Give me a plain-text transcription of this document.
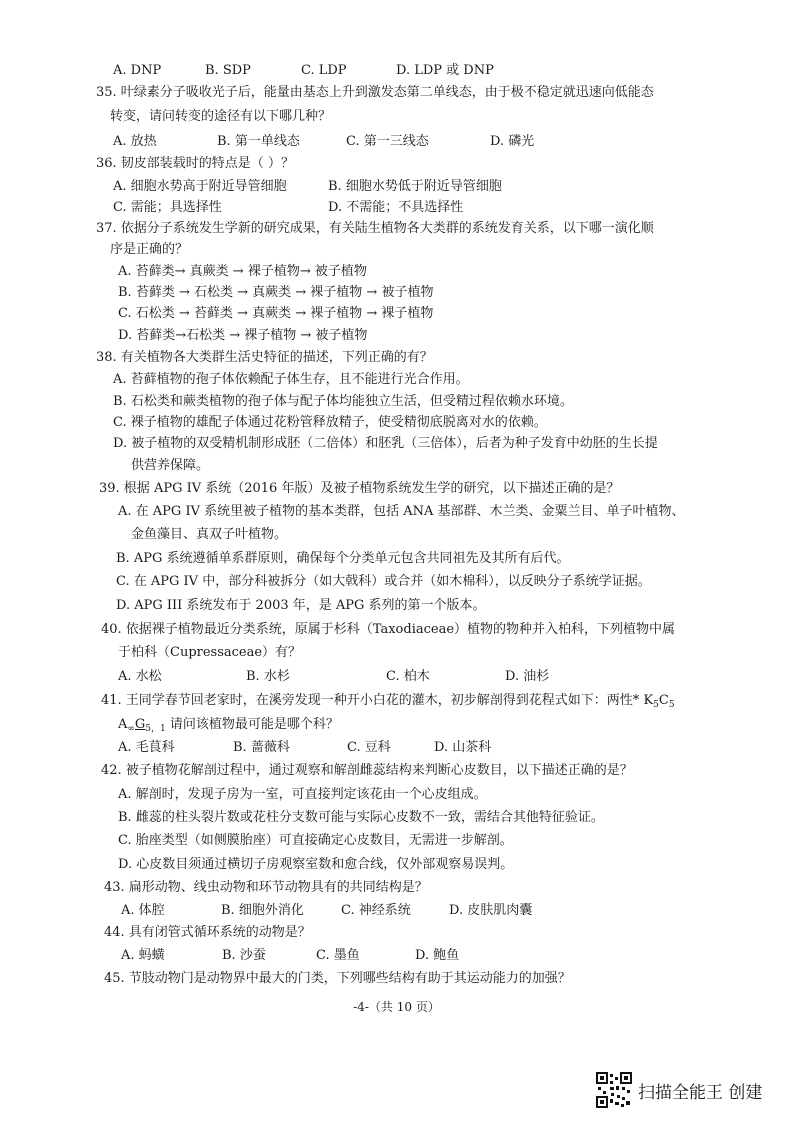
A. DNP	B. SDP	C. LDP	D. LDP 或 DNP
35. 叶绿素分子吸收光子后，能量由基态上升到激发态第二单线态，由于极不稳定就迅速向低能态
转变，请问转变的途径有以下哪几种？
A. 放热	B. 第一单线态	C. 第一三线态	D. 磷光
36. 韧皮部装载时的特点是（ ）？
A. 细胞水势高于附近导管细胞	B. 细胞水势低于附近导管细胞
C. 需能；具选择性	D. 不需能；不具选择性
37. 依据分子系统发生学新的研究成果，有关陆生植物各大类群的系统发育关系，以下哪一演化顺
序是正确的？
A. 苔藓类→ 真蕨类 → 裸子植物→ 被子植物
B. 苔藓类 → 石松类 → 真蕨类 → 裸子植物 → 被子植物
C. 石松类 → 苔藓类 → 真蕨类 → 裸子植物 → 裸子植物
D. 苔藓类→石松类 → 裸子植物 → 被子植物
38. 有关植物各大类群生活史特征的描述，下列正确的有？
A. 苔藓植物的孢子体依赖配子体生存，且不能进行光合作用。
B. 石松类和蕨类植物的孢子体与配子体均能独立生活，但受精过程依赖水环境。
C. 裸子植物的雄配子体通过花粉管释放精子，使受精彻底脱离对水的依赖。
D. 被子植物的双受精机制形成胚（二倍体）和胚乳（三倍体），后者为种子发育中幼胚的生长提
供营养保障。
39. 根据 APG IV 系统（2016 年版）及被子植物系统发生学的研究，以下描述正确的是？
A. 在 APG IV 系统里被子植物的基本类群，包括 ANA 基部群、木兰类、金粟兰目、单子叶植物、
金鱼藻目、真双子叶植物。
B. APG 系统遵循单系群原则，确保每个分类单元包含共同祖先及其所有后代。
C. 在 APG IV 中，部分科被拆分（如大戟科）或合并（如木棉科），以反映分子系统学证据。
D. APG III 系统发布于 2003 年，是 APG 系列的第一个版本。
40. 依据裸子植物最近分类系统，原属于杉科（Taxodiaceae）植物的物种并入柏科，下列植物中属
于柏科（Cupressaceae）有？
A. 水松	B. 水杉	C. 柏木	D. 油杉
41. 王同学春节回老家时，在溪旁发现一种开小白花的灌木，初步解剖得到花程式如下：两性* $K_5C_5$
$A_\infty G_{5,1}$ 请问该植物最可能是哪个科？
A. 毛茛科	B. 蔷薇科	C. 豆科	D. 山茶科
42. 被子植物花解剖过程中，通过观察和解剖雌蕊结构来判断心皮数目，以下描述正确的是？
A. 解剖时，发现子房为一室，可直接判定该花由一个心皮组成。
B. 雌蕊的柱头裂片数或花柱分支数可能与实际心皮数不一致，需结合其他特征验证。
C. 胎座类型（如侧膜胎座）可直接确定心皮数目，无需进一步解剖。
D. 心皮数目须通过横切子房观察室数和愈合线，仅外部观察易误判。
43. 扁形动物、线虫动物和环节动物具有的共同结构是？
A. 体腔	B. 细胞外消化	C. 神经系统	D. 皮肤肌肉囊
44. 具有闭管式循环系统的动物是？
A. 蚂蟥	B. 沙蚕	C. 墨鱼	D. 鲍鱼
45. 节肢动物门是动物界中最大的门类，下列哪些结构有助于其运动能力的加强？
-4-（共 10 页）
扫描全能王 创建
